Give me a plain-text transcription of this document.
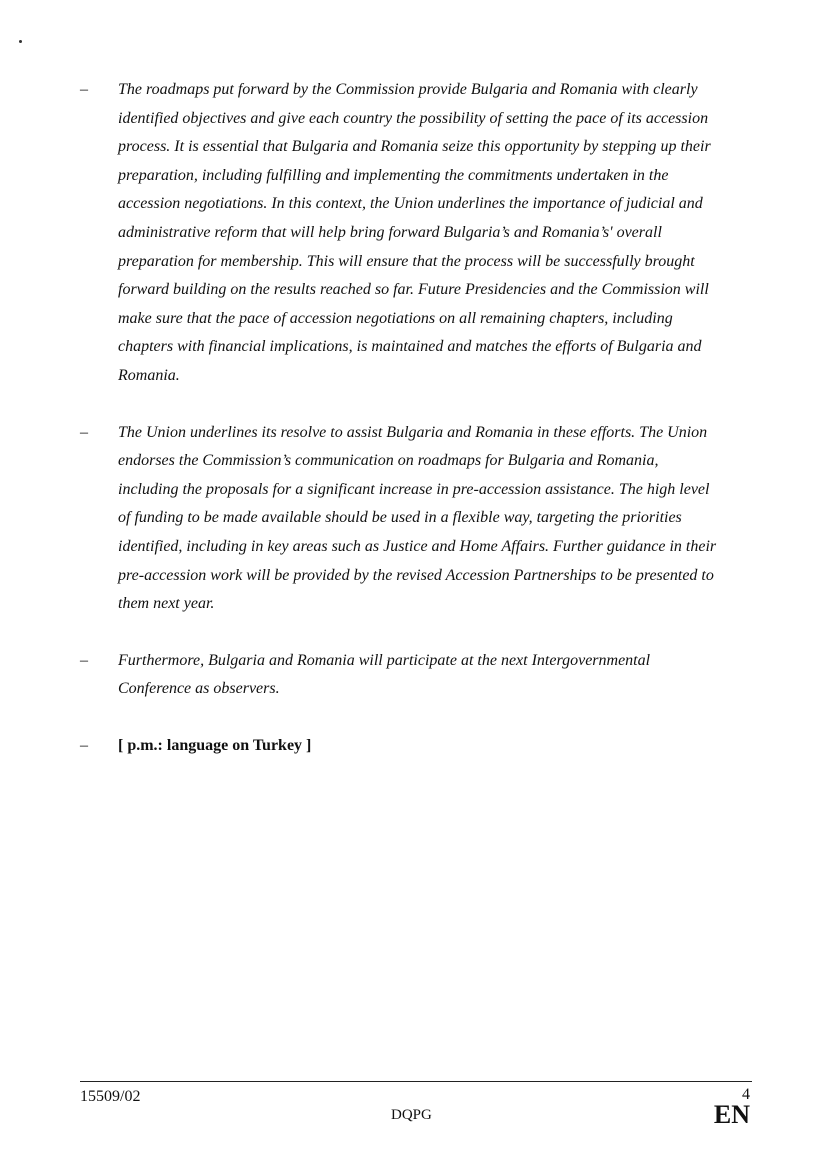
– The roadmaps put forward by the Commission provide Bulgaria and Romania with clearly
identified objectives and give each country the possibility of setting the pace of its accession
process. It is essential that Bulgaria and Romania seize this opportunity by stepping up their
preparation, including fulfilling and implementing the commitments undertaken in the
accession negotiations. In this context, the Union underlines the importance of judicial and
administrative reform that will help bring forward Bulgaria’s and Romania’s' overall
preparation for membership. This will ensure that the process will be successfully brought
forward building on the results reached so far. Future Presidencies and the Commission will
make sure that the pace of accession negotiations on all remaining chapters, including
chapters with financial implications, is maintained and matches the efforts of Bulgaria and
Romania.
– The Union underlines its resolve to assist Bulgaria and Romania in these efforts. The Union
endorses the Commission’s communication on roadmaps for Bulgaria and Romania,
including the proposals for a significant increase in pre-accession assistance. The high level
of funding to be made available should be used in a flexible way, targeting the priorities
identified, including in key areas such as Justice and Home Affairs. Further guidance in their
pre-accession work will be provided by the revised Accession Partnerships to be presented to
them next year.
– Furthermore, Bulgaria and Romania will participate at the next Intergovernmental
Conference as observers.
– [ p.m.: language on Turkey ]
15509/02	4
DQPG	EN
